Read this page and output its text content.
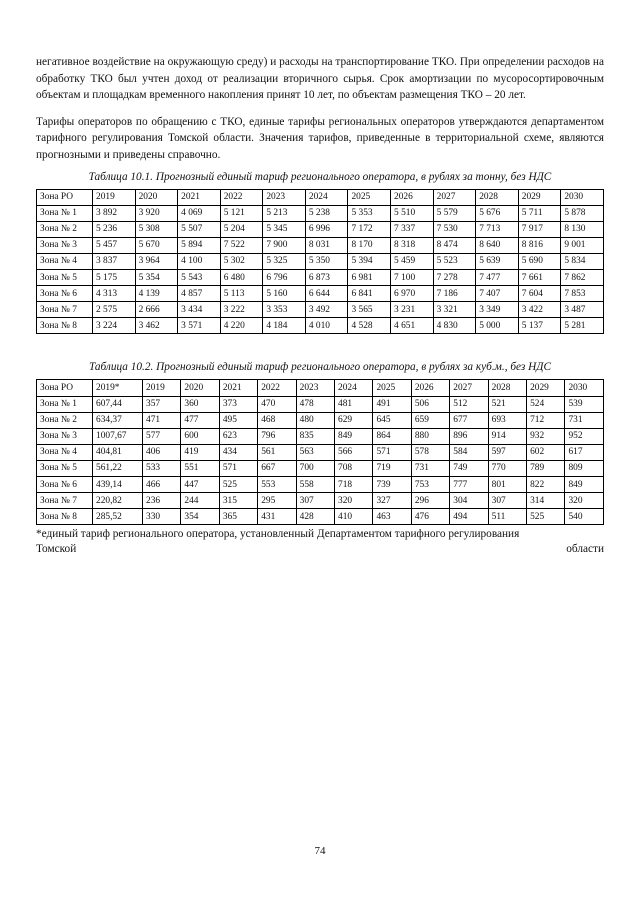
негативное воздействие на окружающую среду) и расходы на транспортирование ТКО. При определении расходов на обработку ТКО был учтен доход от реализации вторичного сырья. Срок амортизации по мусоросортировочным объектам и площадкам временного накопления принят 10 лет, по объектам размещения ТКО – 20 лет.

Тарифы операторов по обращению с ТКО, единые тарифы региональных операторов утверждаются департаментом тарифного регулирования Томской области. Значения тарифов, приведенные в территориальной схеме, являются прогнозными и приведены справочно.

Таблица 10.1. Прогнозный единый тариф регионального оператора, в рублях за тонну, без НДС
Зона РО	2019	2020	2021	2022	2023	2024	2025	2026	2027	2028	2029	2030
Зона № 1	3 892	3 920	4 069	5 121	5 213	5 238	5 353	5 510	5 579	5 676	5 711	5 878
Зона № 2	5 236	5 308	5 507	5 204	5 345	6 996	7 172	7 337	7 530	7 713	7 917	8 130
Зона № 3	5 457	5 670	5 894	7 522	7 900	8 031	8 170	8 318	8 474	8 640	8 816	9 001
Зона № 4	3 837	3 964	4 100	5 302	5 325	5 350	5 394	5 459	5 523	5 639	5 690	5 834
Зона № 5	5 175	5 354	5 543	6 480	6 796	6 873	6 981	7 100	7 278	7 477	7 661	7 862
Зона № 6	4 313	4 139	4 857	5 113	5 160	6 644	6 841	6 970	7 186	7 407	7 604	7 853
Зона № 7	2 575	2 666	3 434	3 222	3 353	3 492	3 565	3 231	3 321	3 349	3 422	3 487
Зона № 8	3 224	3 462	3 571	4 220	4 184	4 010	4 528	4 651	4 830	5 000	5 137	5 281
Таблица 10.2. Прогнозный единый тариф регионального оператора, в рублях за куб.м., без НДС
Зона РО	2019*	2019	2020	2021	2022	2023	2024	2025	2026	2027	2028	2029	2030
Зона № 1	607,44	357	360	373	470	478	481	491	506	512	521	524	539
Зона № 2	634,37	471	477	495	468	480	629	645	659	677	693	712	731
Зона № 3	1007,67	577	600	623	796	835	849	864	880	896	914	932	952
Зона № 4	404,81	406	419	434	561	563	566	571	578	584	597	602	617
Зона № 5	561,22	533	551	571	667	700	708	719	731	749	770	789	809
Зона № 6	439,14	466	447	525	553	558	718	739	753	777	801	822	849
Зона № 7	220,82	236	244	315	295	307	320	327	296	304	307	314	320
Зона № 8	285,52	330	354	365	431	428	410	463	476	494	511	525	540
*единый тариф регионального оператора, установленный Департаментом тарифного регулирования
Томской	области
74
